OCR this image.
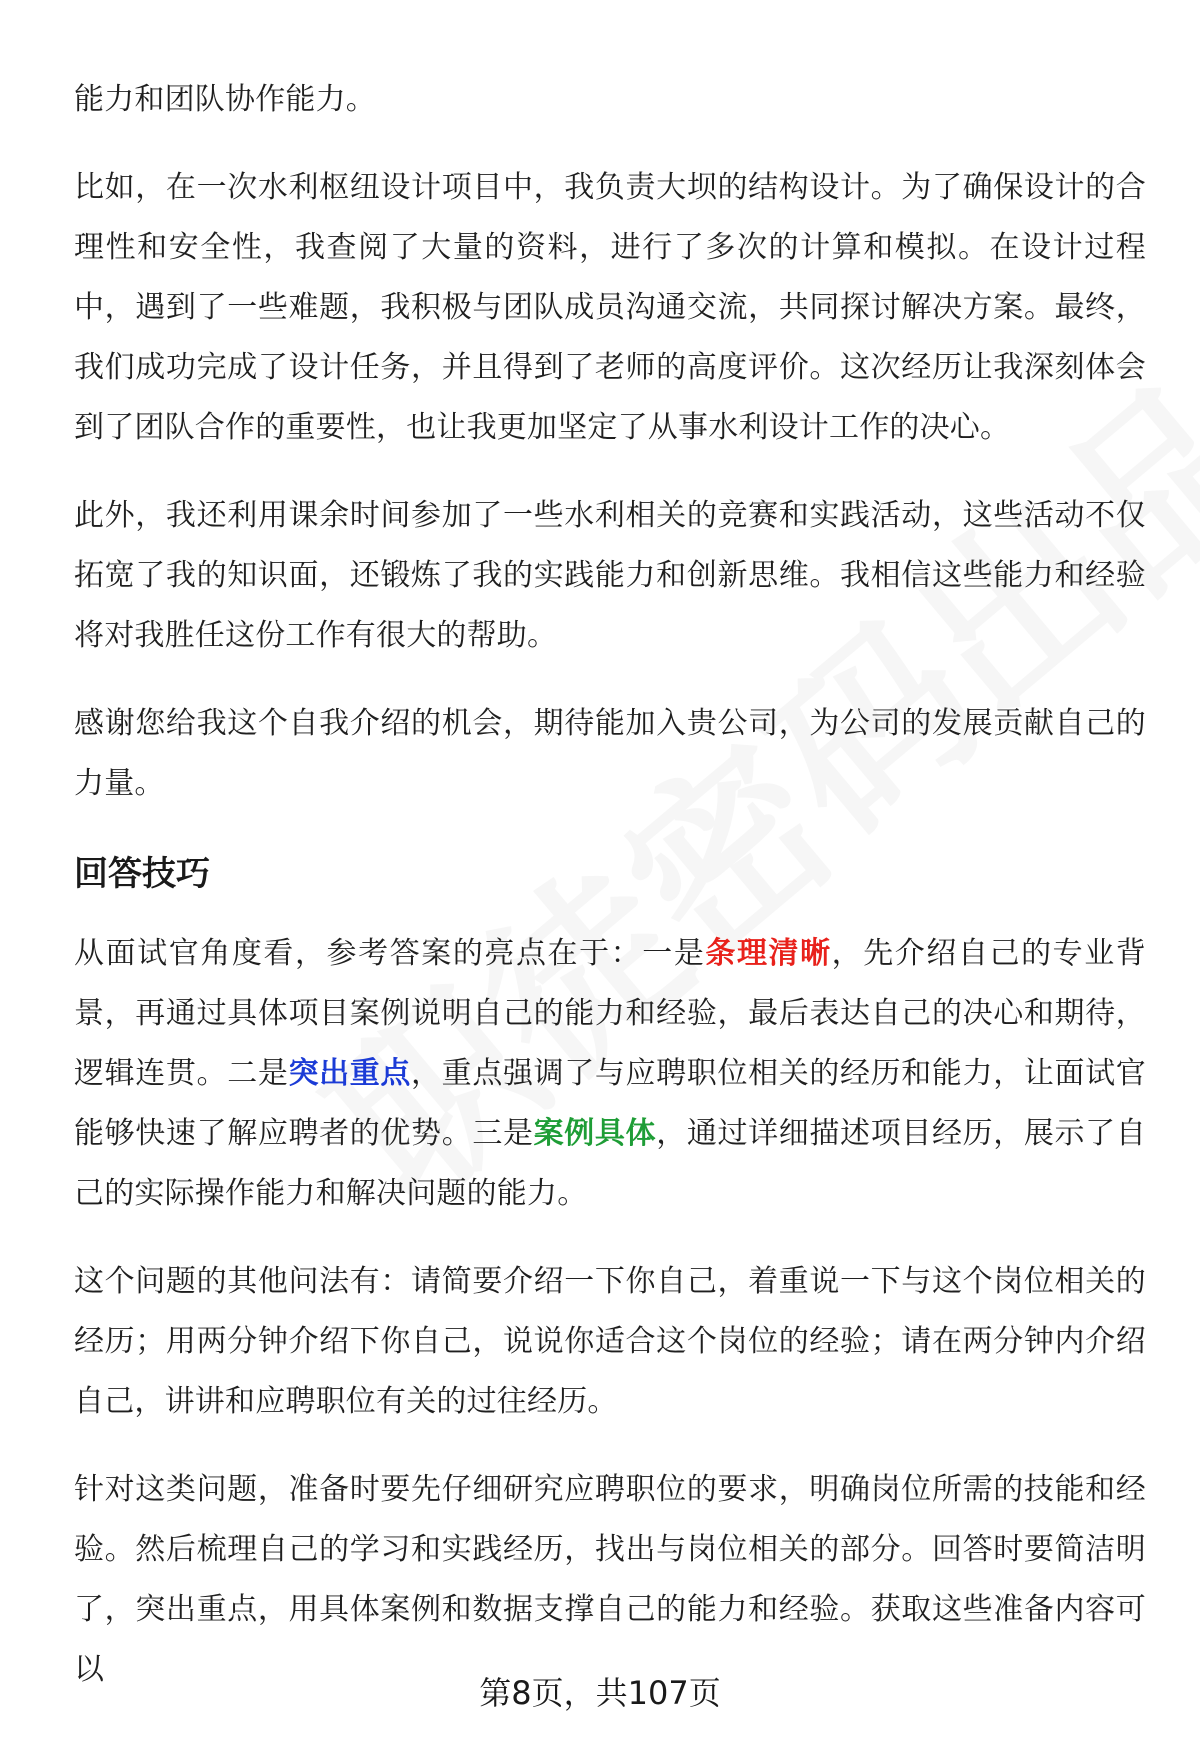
能力和团队协作能力。

比如，在一次水利枢纽设计项目中，我负责大坝的结构设计。为了确保设计的合理性和安全性，我查阅了大量的资料，进行了多次的计算和模拟。在设计过程中，遇到了一些难题，我积极与团队成员沟通交流，共同探讨解决方案。最终，我们成功完成了设计任务，并且得到了老师的高度评价。这次经历让我深刻体会到了团队合作的重要性，也让我更加坚定了从事水利设计工作的决心。

此外，我还利用课余时间参加了一些水利相关的竞赛和实践活动，这些活动不仅拓宽了我的知识面，还锻炼了我的实践能力和创新思维。我相信这些能力和经验将对我胜任这份工作有很大的帮助。

感谢您给我这个自我介绍的机会，期待能加入贵公司，为公司的发展贡献自己的力量。

回答技巧

从面试官角度看，参考答案的亮点在于：一是条理清晰，先介绍自己的专业背景，再通过具体项目案例说明自己的能力和经验，最后表达自己的决心和期待，逻辑连贯。二是突出重点，重点强调了与应聘职位相关的经历和能力，让面试官能够快速了解应聘者的优势。三是案例具体，通过详细描述项目经历，展示了自己的实际操作能力和解决问题的能力。

这个问题的其他问法有：请简要介绍一下你自己，着重说一下与这个岗位相关的经历；用两分钟介绍下你自己，说说你适合这个岗位的经验；请在两分钟内介绍自己，讲讲和应聘职位有关的过往经历。

针对这类问题，准备时要先仔细研究应聘职位的要求，明确岗位所需的技能和经验。然后梳理自己的学习和实践经历，找出与岗位相关的部分。回答时要简洁明了，突出重点，用具体案例和数据支撑自己的能力和经验。获取这些准备内容可以

第8页，共107页
